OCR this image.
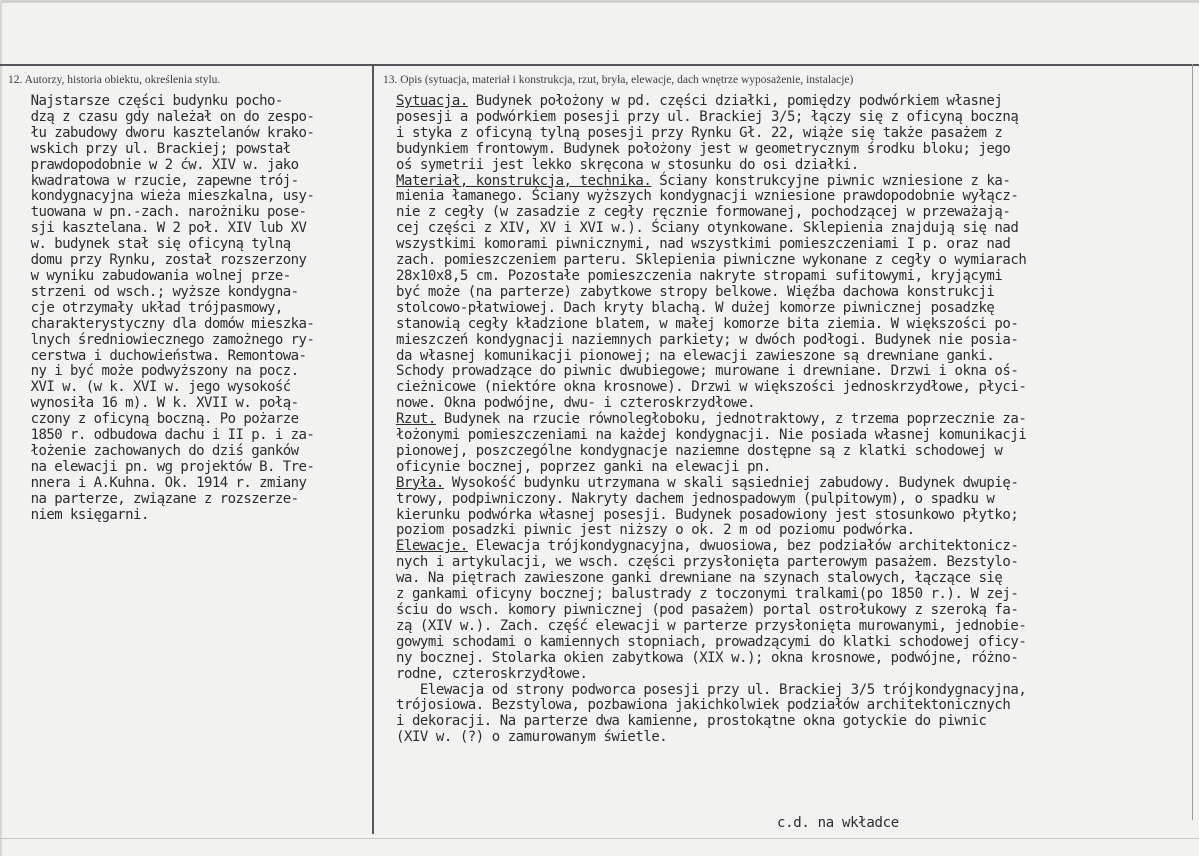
12. Autorzy, historia obiektu, określenia stylu.	13. Opis (sytuacja, materiał i konstrukcja, rzut, bryła, elewacje, dach wnętrze wyposażenie, instalacje)
Najstarsze części budynku pocho-
dzą z czasu gdy należał on do zespo-
łu zabudowy dworu kasztelanów krako-
wskich przy ul. Brackiej; powstał
prawdopodobnie w 2 ćw. XIV w. jako
kwadratowa w rzucie, zapewne trój-
kondygnacyjna wieża mieszkalna, usy-
tuowana w pn.-zach. narożniku pose-
sji kasztelana. W 2 poł. XIV lub XV
w. budynek stał się oficyną tylną
domu przy Rynku, został rozszerzony
w wyniku zabudowania wolnej prze-
strzeni od wsch.; wyższe kondygna-
cje otrzymały układ trójpasmowy,
charakterystyczny dla domów mieszka-
lnych średniowiecznego zamożnego ry-
cerstwa i duchowieństwa. Remontowa-
ny i być może podwyższony na pocz.
XVI w. (w k. XVI w. jego wysokość
wynosiła 16 m). W k. XVII w. połą-
czony z oficyną boczną. Po pożarze
1850 r. odbudowa dachu i II p. i za-
łożenie zachowanych do dziś ganków
na elewacji pn. wg projektów B. Tre-
nnera i A.Kuhna. Ok. 1914 r. zmiany
na parterze, związane z rozszerze-
niem księgarni.
Sytuacja. Budynek położony w pd. części działki, pomiędzy podwórkiem własnej
posesji a podwórkiem posesji przy ul. Brackiej 3/5; łączy się z oficyną boczną
i styka z oficyną tylną posesji przy Rynku Gł. 22, wiąże się także pasażem z
budynkiem frontowym. Budynek położony jest w geometrycznym środku bloku; jego
oś symetrii jest lekko skręcona w stosunku do osi działki.
Materiał, konstrukcja, technika. Ściany konstrukcyjne piwnic wzniesione z ka-
mienia łamanego. Ściany wyższych kondygnacji wzniesione prawdopodobnie wyłącz-
nie z cegły (w zasadzie z cegły ręcznie formowanej, pochodzącej w przeważają-
cej części z XIV, XV i XVI w.). Ściany otynkowane. Sklepienia znajdują się nad
wszystkimi komorami piwnicznymi, nad wszystkimi pomieszczeniami I p. oraz nad
zach. pomieszczeniem parteru. Sklepienia piwniczne wykonane z cegły o wymiarach
28x10x8,5 cm. Pozostałe pomieszczenia nakryte stropami sufitowymi, kryjącymi
być może (na parterze) zabytkowe stropy belkowe. Więźba dachowa konstrukcji
stolcowo-płatwiowej. Dach kryty blachą. W dużej komorze piwnicznej posadzkę
stanowią cegły kładzione blatem, w małej komorze bita ziemia. W większości po-
mieszczeń kondygnacji naziemnych parkiety; w dwóch podłogi. Budynek nie posia-
da własnej komunikacji pionowej; na elewacji zawieszone są drewniane ganki.
Schody prowadzące do piwnic dwubiegowe; murowane i drewniane. Drzwi i okna oś-
cieżnicowe (niektóre okna krosnowe). Drzwi w większości jednoskrzydłowe, płyci-
nowe. Okna podwójne, dwu- i czteroskrzydłowe.
Rzut. Budynek na rzucie równoległoboku, jednotraktowy, z trzema poprzecznie za-
łożonymi pomieszczeniami na każdej kondygnacji. Nie posiada własnej komunikacji
pionowej, poszczególne kondygnacje naziemne dostępne są z klatki schodowej w
oficynie bocznej, poprzez ganki na elewacji pn.
Bryła. Wysokość budynku utrzymana w skali sąsiedniej zabudowy. Budynek dwupię-
trowy, podpiwniczony. Nakryty dachem jednospadowym (pulpitowym), o spadku w
kierunku podwórka własnej posesji. Budynek posadowiony jest stosunkowo płytko;
poziom posadzki piwnic jest niższy o ok. 2 m od poziomu podwórka.
Elewacje. Elewacja trójkondygnacyjna, dwuosiowa, bez podziałów architektonicz-
nych i artykulacji, we wsch. części przysłonięta parterowym pasażem. Bezstylo-
wa. Na piętrach zawieszone ganki drewniane na szynach stalowych, łączące się
z gankami oficyny bocznej; balustrady z toczonymi tralkami(po 1850 r.). W zej-
ściu do wsch. komory piwnicznej (pod pasażem) portal ostrołukowy z szeroką fa-
zą (XIV w.). Zach. część elewacji w parterze przysłonięta murowanymi, jednobie-
gowymi schodami o kamiennych stopniach, prowadzącymi do klatki schodowej oficy-
ny bocznej. Stolarka okien zabytkowa (XIX w.); okna krosnowe, podwójne, różno-
rodne, czteroskrzydłowe.
Elewacja od strony podworca posesji przy ul. Brackiej 3/5 trójkondygnacyjna,
trójosiowa. Bezstylowa, pozbawiona jakichkolwiek podziałów architektonicznych
i dekoracji. Na parterze dwa kamienne, prostokątne okna gotyckie do piwnic
(XIV w. (?) o zamurowanym świetle.
c.d. na wkładce
